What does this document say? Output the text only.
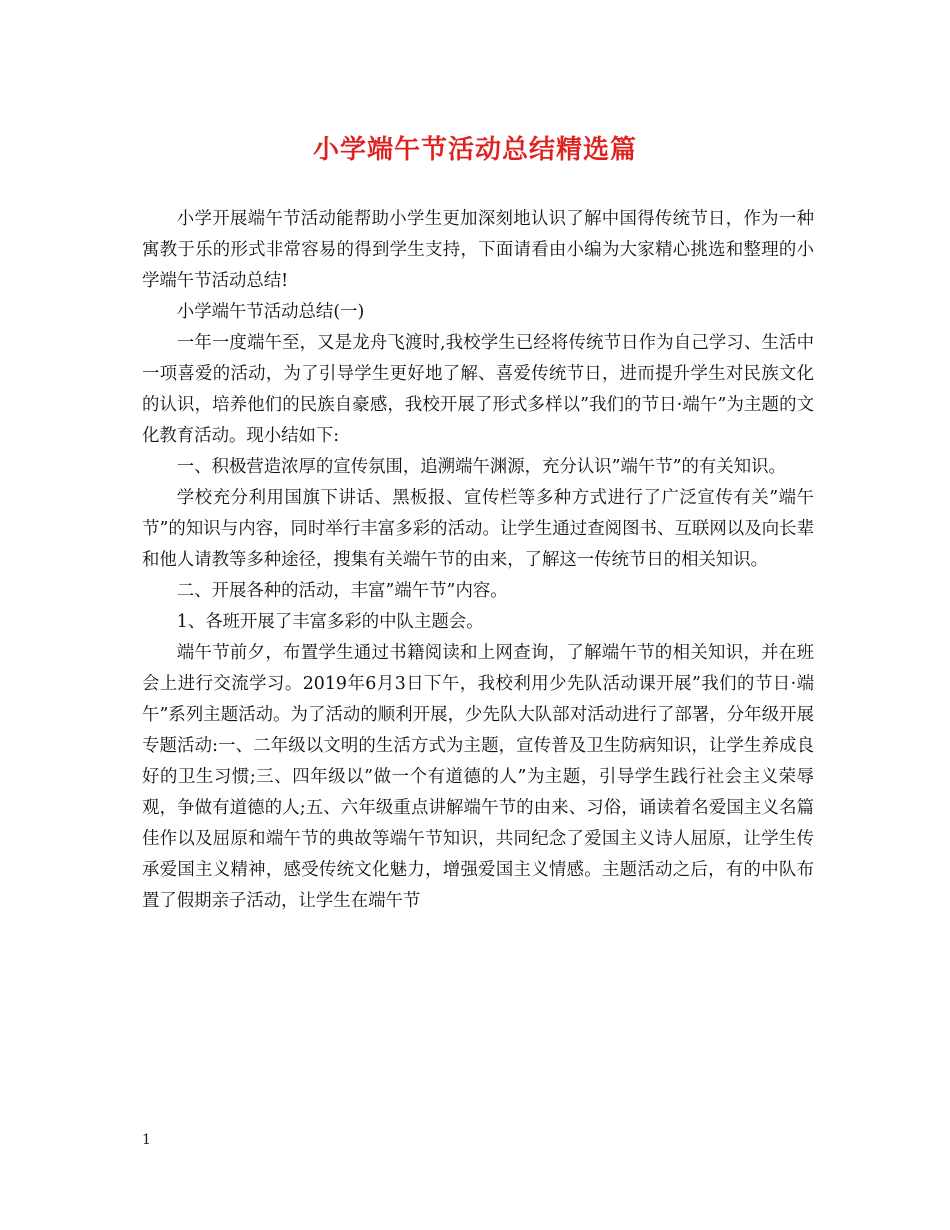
小学端午节活动总结精选篇

小学开展端午节活动能帮助小学生更加深刻地认识了解中国得传统节日，作为一种寓教于乐的形式非常容易的得到学生支持，下面请看由小编为大家精心挑选和整理的小学端午节活动总结!

小学端午节活动总结(一)

一年一度端午至，又是龙舟飞渡时,我校学生已经将传统节日作为自己学习、生活中一项喜爱的活动，为了引导学生更好地了解、喜爱传统节日，进而提升学生对民族文化的认识，培养他们的民族自豪感，我校开展了形式多样以”我们的节日·端午”为主题的文化教育活动。现小结如下:

一、积极营造浓厚的宣传氛围，追溯端午渊源，充分认识”端午节”的有关知识。

学校充分利用国旗下讲话、黑板报、宣传栏等多种方式进行了广泛宣传有关”端午节”的知识与内容，同时举行丰富多彩的活动。让学生通过查阅图书、互联网以及向长辈和他人请教等多种途径，搜集有关端午节的由来，了解这一传统节日的相关知识。

二、开展各种的活动，丰富”端午节”内容。

1、各班开展了丰富多彩的中队主题会。

端午节前夕，布置学生通过书籍阅读和上网查询，了解端午节的相关知识，并在班会上进行交流学习。2019年6月3日下午，我校利用少先队活动课开展”我们的节日·端午”系列主题活动。为了活动的顺利开展，少先队大队部对活动进行了部署，分年级开展专题活动:一、二年级以文明的生活方式为主题，宣传普及卫生防病知识，让学生养成良好的卫生习惯;三、四年级以”做一个有道德的人”为主题，引导学生践行社会主义荣辱观，争做有道德的人;五、六年级重点讲解端午节的由来、习俗，诵读着名爱国主义名篇佳作以及屈原和端午节的典故等端午节知识，共同纪念了爱国主义诗人屈原，让学生传承爱国主义精神，感受传统文化魅力，增强爱国主义情感。主题活动之后，有的中队布置了假期亲子活动，让学生在端午节

1
